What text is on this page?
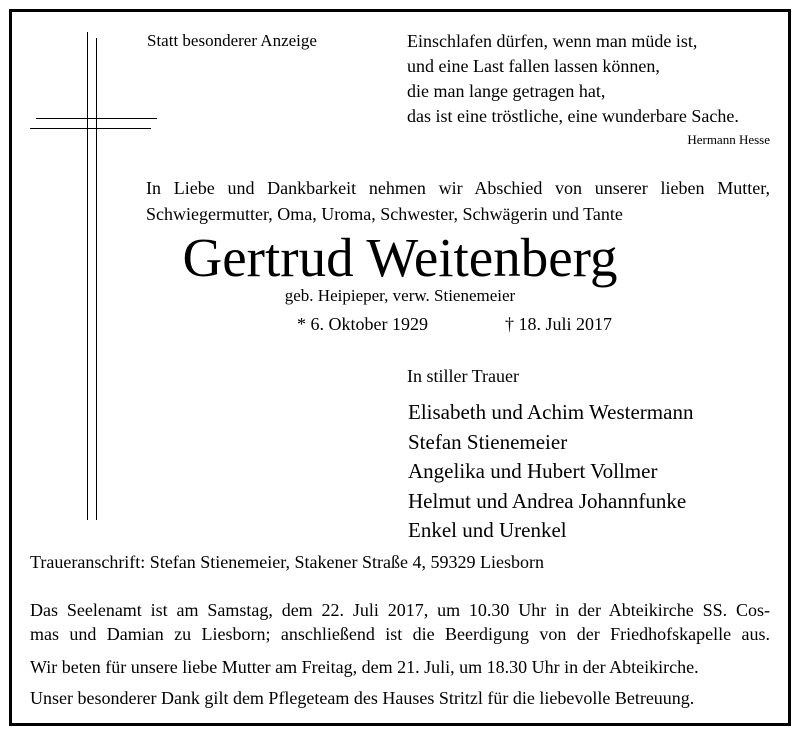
Statt besonderer Anzeige	Einschlafen dürfen, wenn man müde ist,
und eine Last fallen lassen können,
die man lange getragen hat,
das ist eine tröstliche, eine wunderbare Sache.
Hermann Hesse
In Liebe und Dankbarkeit nehmen wir Abschied von unserer lieben Mutter,
Schwiegermutter, Oma, Uroma, Schwester, Schwägerin und Tante
Gertrud Weitenberg
geb. Heipieper, verw. Stienemeier
* 6. Oktober 1929	† 18. Juli 2017
In stiller Trauer
Elisabeth und Achim Westermann
Stefan Stienemeier
Angelika und Hubert Vollmer
Helmut und Andrea Johannfunke
Enkel und Urenkel
Traueranschrift: Stefan Stienemeier, Stakener Straße 4, 59329 Liesborn
Das Seelenamt ist am Samstag, dem 22. Juli 2017, um 10.30 Uhr in der Abteikirche SS. Cos-
mas und Damian zu Liesborn; anschließend ist die Beerdigung von der Friedhofskapelle aus.
Wir beten für unsere liebe Mutter am Freitag, dem 21. Juli, um 18.30 Uhr in der Abteikirche.
Unser besonderer Dank gilt dem Pflegeteam des Hauses Stritzl für die liebevolle Betreuung.
